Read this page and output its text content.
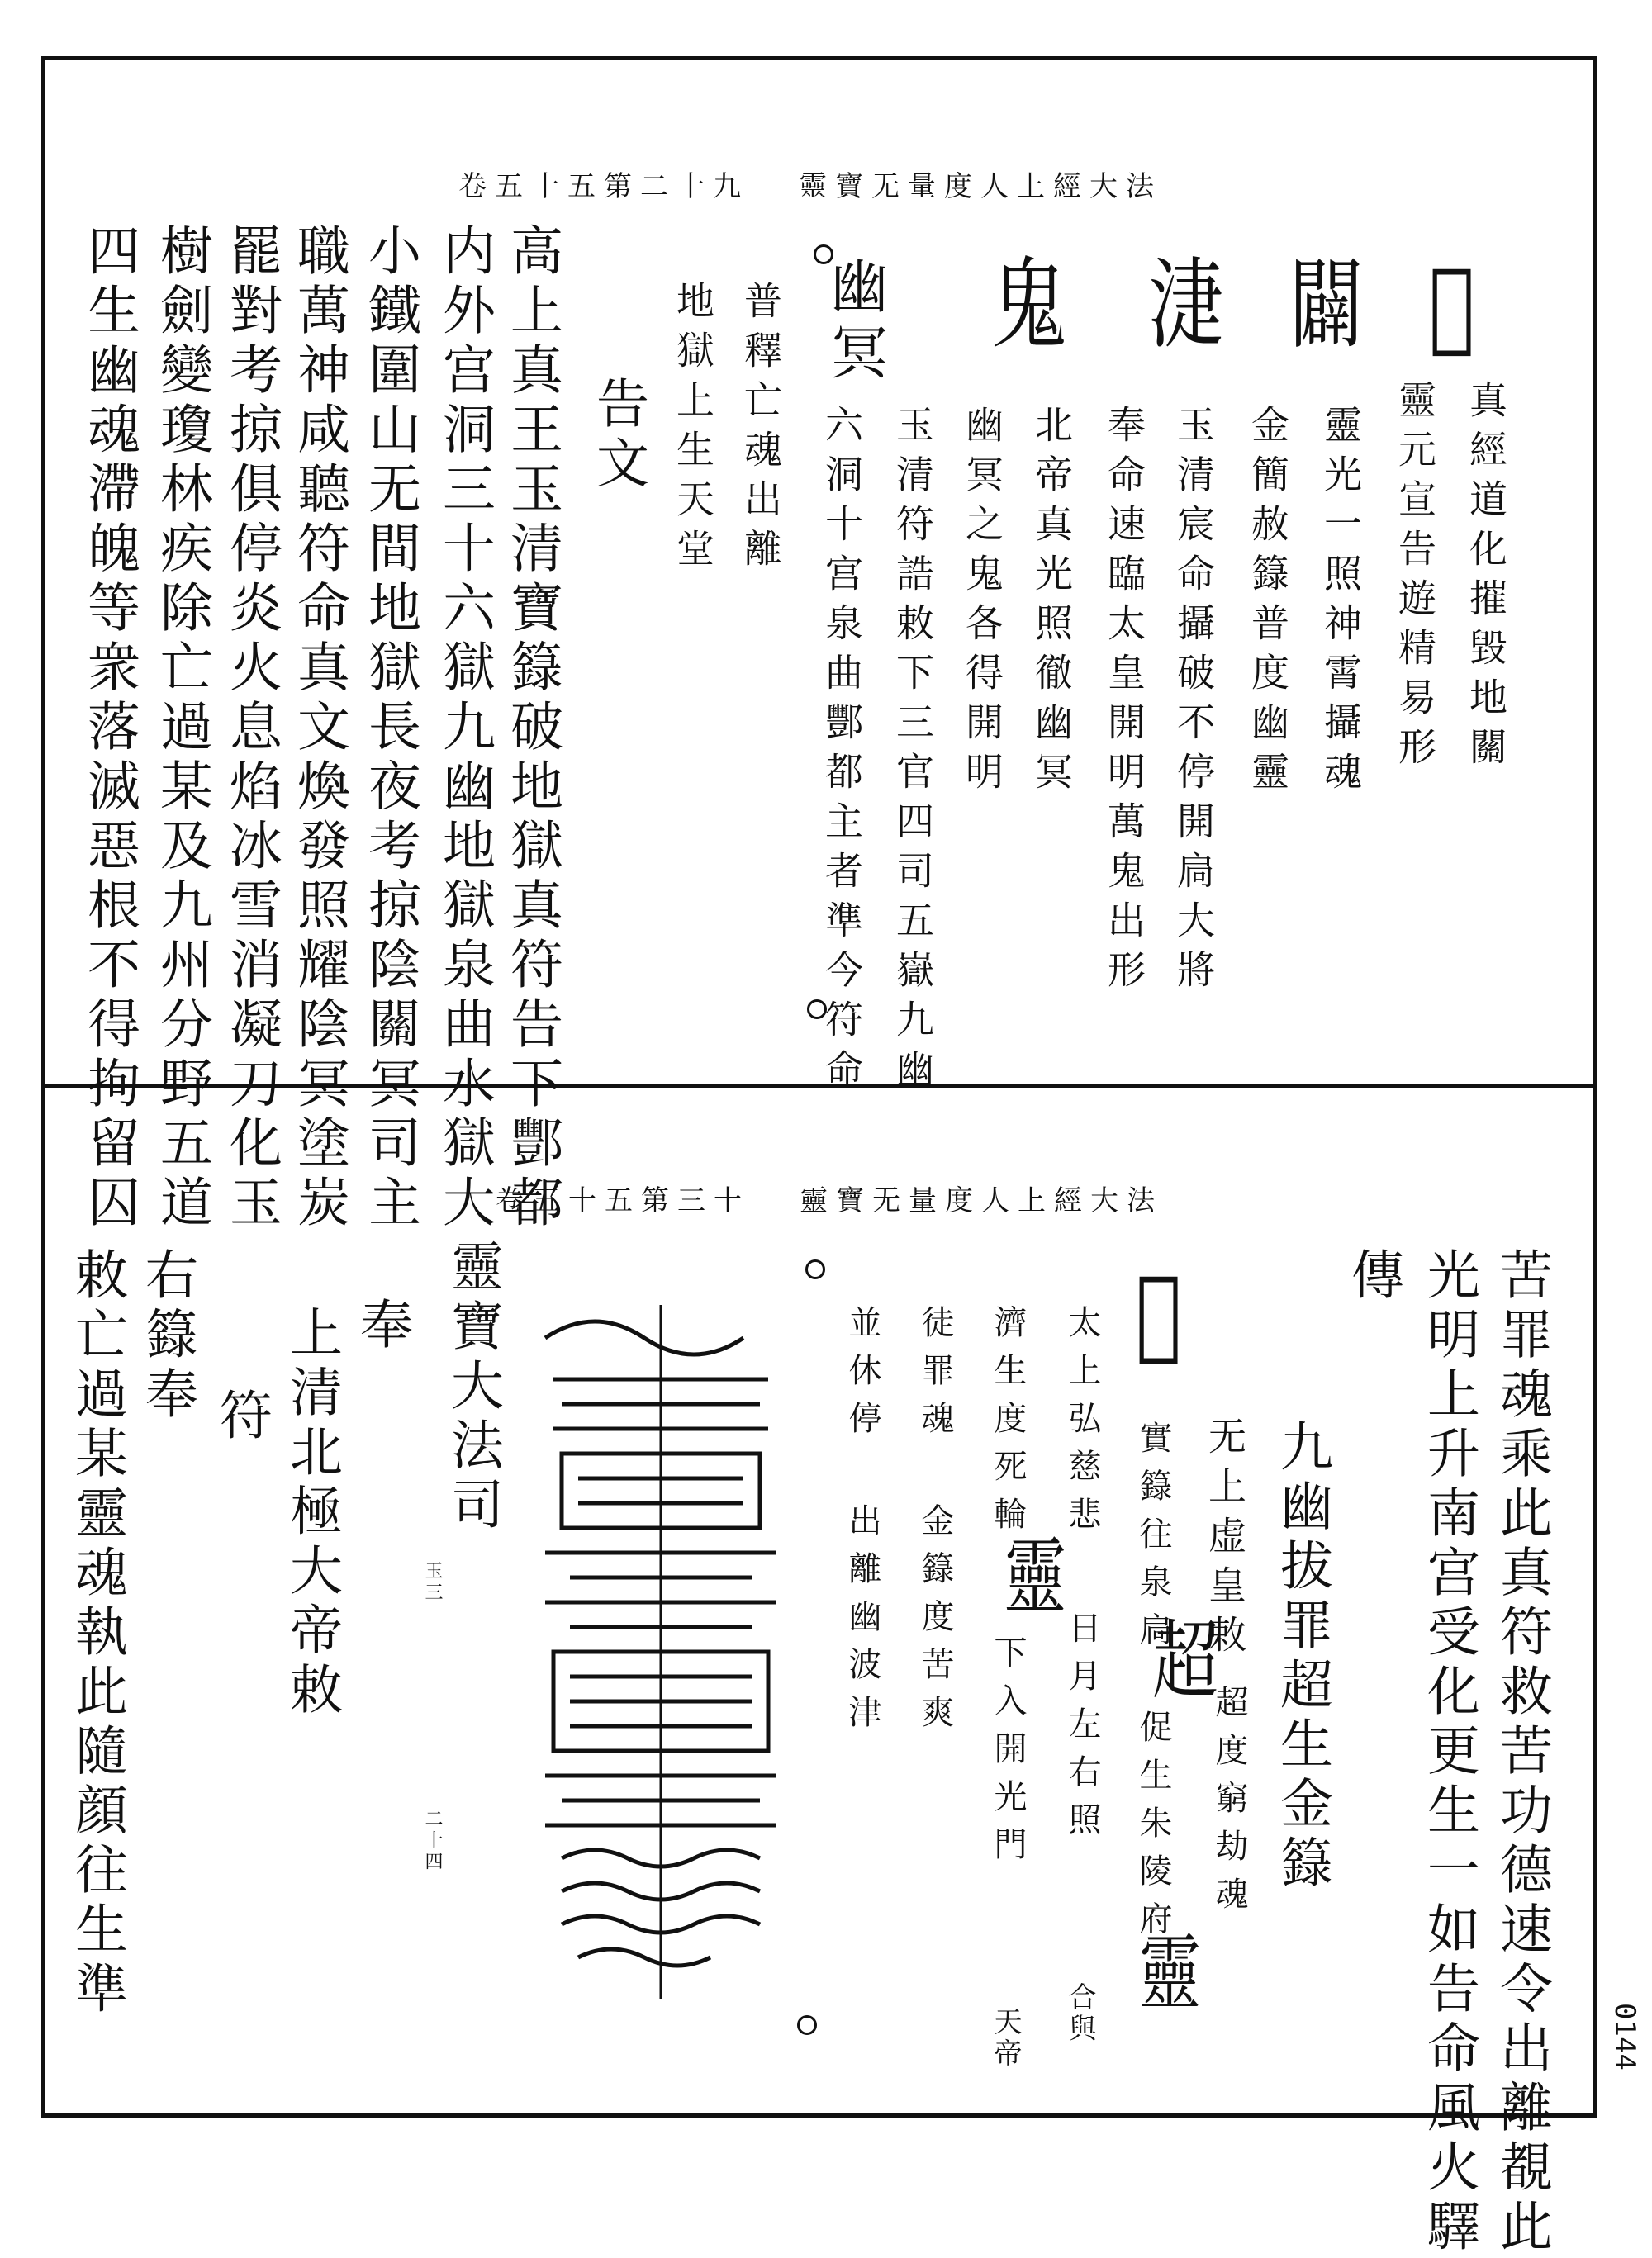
卷五十五第二十九 靈寶无量度人上經大法
𣶏 闢 𩙻
鬼
幽冥
真經道化摧毀地關
靈元宣告遊精易形
靈光一照神霄攝魂
金簡赦籙普度幽靈
玉清宸命攝破不停開扃大將
奉命速臨太皇開明萬鬼出形
北帝真光照徹幽冥
幽冥之鬼各得開明
玉清符誥敕下三官四司五嶽九幽
六洞十宫泉曲酆都主者準今符命
普釋亡魂出離
地獄上生天堂
告文
高上真王玉清寶籙破地獄真符告下酆都
内外宫洞三十六獄九幽地獄泉曲水獄大
小鐵圍山无間地獄長夜考掠陰關冥司主
職萬神咸聽符命真文煥發照耀陰冥塗炭
罷對考掠俱停炎火息焰冰雪消凝刀化玉
樹劍變瓊林疾除亡過某及九州分野五道
四生幽魂滯魄等衆落滅惡根不得拘留囚	卷五十五第三十 靈寶无量度人上經大法
苦罪魂乘此真符救苦功德速令出離覩此
光明上升南宫受化更生一如告命風火驛
傳
九幽拔罪超生金籙
𩙻
无上虚皇敕
超
超度窮劫魂
實籙往泉扃
促生朱陵府
靈
太上弘慈悲
日月左右照
合與
濟生度死輪
靈
下入開光門
天帝
徒罪魂
金籙度苦爽
並休停
出離幽波津
靈寶大法司
玉三
二十四
奉
上清北極大帝敕
符
右籙奉
敕亡過某靈魂執此隨顔往生準
0144
